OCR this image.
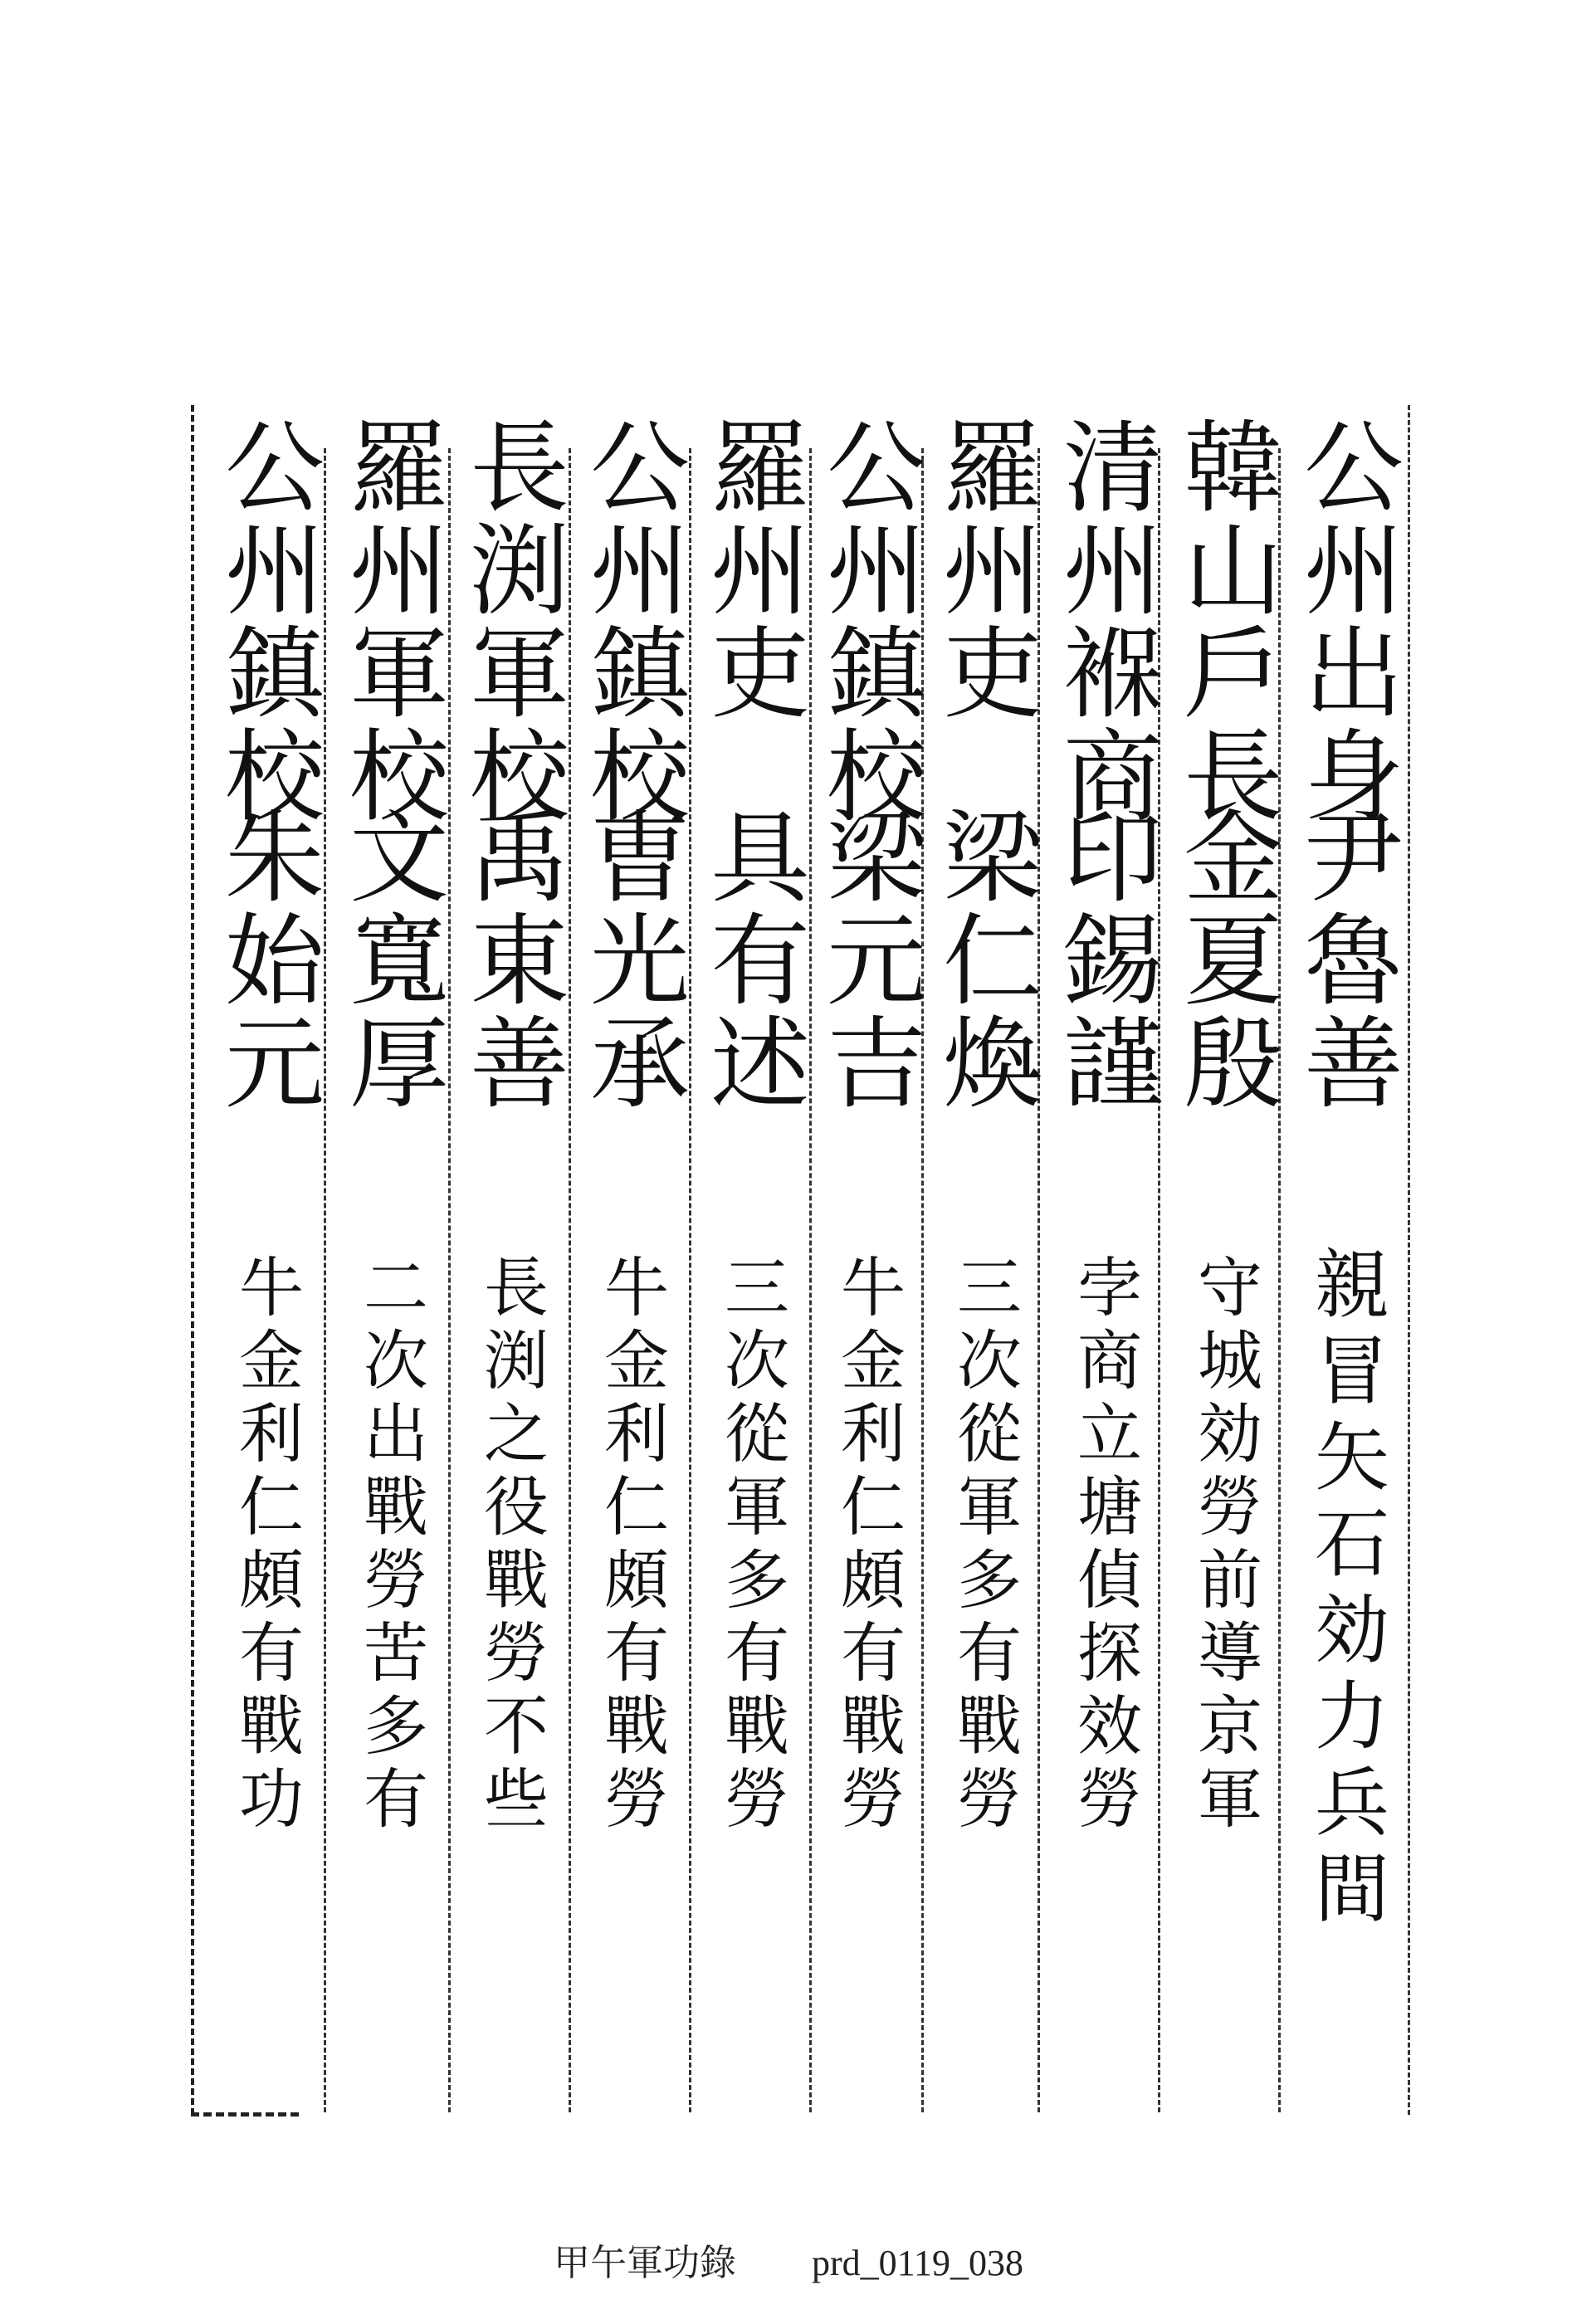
公州出身
尹魯善
親冒矢石効力兵間
韓山戶長
金夏殷
守城効勞前導京軍
清州褓商
印錫謹
孛商立塘偵探效勞
羅州吏
梁仁煥
三次從軍多有戰勞
公州鎮校
梁元吉
牛金利仁頗有戰勞
羅州吏
具有述
三次從軍多有戰勞
公州鎮校
曺光承
牛金利仁頗有戰勞
長渕軍校
禹東善
長渕之役戰勞不些
羅州軍校
文寬厚
二次出戰勞苦多有
公州鎮校
朱始元
牛金利仁頗有戰功
甲午軍功錄 prd_0119_038
